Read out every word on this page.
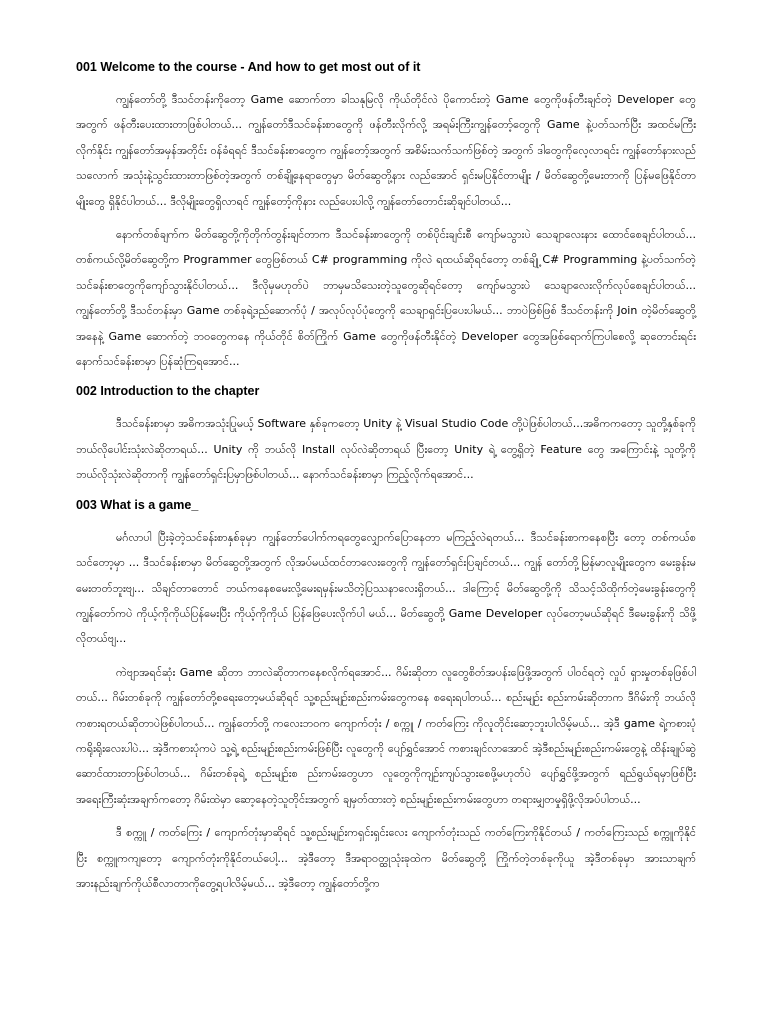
001 Welcome to the course - And how to get most out of it

ကျွန်တော်တို့ ဒီသင်တန်းကိုတော့ Game ဆောက်တာ ခါသနုမြလို ကိုယ်တိုင်လဲ ပိုကောင်းတဲ့ Game တွေကိုဖန်တီးချင်တဲ့ Developer တွေအတွက် ဖန်တီးပေးထားတာဖြစ်ပါတယ်... ကျွန်တော်ဒီသင်ခန်းစာတွေကို ဖန်တီးလိုက်လို့ အရမ်းကြီးကျွန်တော့်တွေကို Game နဲ့ပတ်သက်ပြီး အထင်မကြီးလိုက်နိုင်း ကျွန်တော်အမှန်အတိုင်း ဝန်ခံရရင် ဒီသင်ခန်းစာတွေက ကျွန်တော့်အတွက် အစိမ်းသက်သက်ဖြစ်တဲ့ အတွက် ဒါတွေကိုလေ့လာရင်း ကျွန်တော်နားလည်သလောက် အသုံးနဲ့သွင်းထားတာဖြစ်တဲ့အတွက် တစ်ချို့နေရာတွေမှာ မိတ်ဆွေတို့နား လည်အောင် ရှင်းမပြနိုင်တာမျိုး / မိတ်ဆွေတို့မေးတာကို ပြန်မဖြေနိုင်တာမျိုးတွေ ရှိနိုင်ပါတယ်... ဒီလိုမျိုးတွေရှိလာရင် ကျွန်တော့်ကိုနား လည်ပေးပါလို့ ကျွန်တော်တောင်းဆိုချင်ပါတယ်...

နောက်တစ်ချက်က မိတ်ဆွေတို့ကိုတိုက်တွန်းချင်တာက ဒီသင်ခန်းစာတွေကို တစ်ပိုင်းချင်းစီ ကျော်မသွားပဲ သေချာလေးနား ထောင်စေချင်ပါတယ်... တစ်ကယ်လို့မိတ်ဆွေတို့က Programmer တွေဖြစ်တယ် C# programming ကိုလဲ ရထယ်ဆိုရင်တော့ တစ်ချို့ C# Programming နဲ့ပတ်သက်တဲ့သင်ခန်းစာတွေကိုကျော်သွားနိုင်ပါတယ်... ဒီလိုမှမဟုတ်ပဲ ဘာမှမသိသေးတဲ့သူတွေဆိုရင်တော့ ကျော်မသွားပဲ သေချာလေးလိုက်လုပ်စေချင်ပါတယ်... ကျွန်တော်တို့ ဒီသင်တန်းမှာ Game တစ်ခုရဲ့ဒည်ဆောက်ပုံ / အလုပ်လုပ်ပုံတွေကို သေချာရှင်းပြပေးပါမယ်... ဘာပဲဖြစ်ဖြစ် ဒီသင်တန်းကို Join တဲ့မိတ်ဆွေတို့အနေနဲ့ Game ဆောက်တဲ့ ဘဝတွေကနေ ကိုယ်တိုင် စိတ်ကြိုက် Game တွေကိုဖန်တီးနိုင်တဲ့ Developer တွေအဖြစ်ရောက်ကြပါစေလို့ ဆုတောင်းရင်း နောက်သင်ခန်းစာမှာ ပြန်ဆုံကြရအောင်...

002 Introduction to the chapter

ဒီသင်ခန်းစာမှာ အဓိကအသုံးပြုမယ့် Software နှစ်ခုကတော့ Unity နဲ့ Visual Studio Code တို့ပဲဖြစ်ပါတယ်...အဓိကကတော့ သူတို့နှစ်ခုကို ဘယ်လိုပေါင်းသုံးလဲဆိုတာရယ်... Unity ကို ဘယ်လို Install လုပ်လဲဆိုတာရယ် ပြီးတော့ Unity ရဲ့ တွေ့ရှိတဲ့ Feature တွေ အကြောင်းနဲ့ သူတို့ကိုဘယ်လိုသုံးလဲဆိုတာကို ကျွန်တော်ရှင်းပြမှာဖြစ်ပါတယ်... နောက်သင်ခန်းစာမှာ ကြည့်လိုက်ရအောင်...

003 What is a game_

မင်္ဂလာပါ ပြီးခဲ့တဲ့သင်ခန်းစာနှစ်ခုမှာ ကျွန်တော်ပေါက်ကရတွေလျှောက်ပြောနေတာ မကြည့်လဲရတယ်... ဒီသင်ခန်းစာကနေစပြီး တော့ တစ်ကယ်စသင်တော့မှာ ... ဒီသင်ခန်းစာမှာ မိတ်ဆွေတို့အတွက် လိုအပ်မယ်ထင်တာလေးတွေကို ကျွန်တော်ရှင်းပြချင်တယ်... ကျွန် တော်တို့မြန်မာလူမျိုးတွေက မေးခွန်းမမေးတတ်ဘူးဗျ... သိချင်တာတောင် ဘယ်ကနေစမေးလို့မေးရမှန်းမသိတဲ့ပြဿနာလေးရှိတယ်... ဒါကြောင့် မိတ်ဆွေတို့ကို သိသင့်သိထိုက်တဲ့မေးခွန်းတွေကို ကျွန်တော်ကပဲ ကိုယ့်ကိုကိုယ်ပြန်မေးပြီး ကိုယ့်ကိုကိုယ် ပြန်ဖြေပေးလိုက်ပါ မယ်... မိတ်ဆွေတို့ Game Developer လုပ်တော့မယ်ဆိုရင် ဒီမေးခွန်းကို သိဖို့လိုတယ်ဗျ...

ကဲဗျာအရင်ဆုံး Game ဆိုတာ ဘာလဲဆိုတာကနေစလိုက်ရအောင်... ဂိမ်းဆိုတာ လူတွေစိတ်အပန်းဖြေဖို့အတွက် ပါဝင်ရတဲ့ လှုပ် ရှားမှုတစ်ခုဖြစ်ပါတယ်... ဂိမ်းတစ်ခုကို ကျွန်တော်တို့စရေးတော့မယ်ဆိုရင် သူ့စည်းမျဉ်းစည်းကမ်းတွေကနေ စရေးရပါတယ်... စည်းမျဉ်း စည်းကမ်းဆိုတာက ဒီဂိမ်းကို ဘယ်လိုကစားရတယ်ဆိုတာပဲဖြစ်ပါတယ်... ကျွန်တော်တို့ ကလေးဘဝက ကျောက်တုံး / စက္ကူ / ကတ်ကြေး ကိုလူတိုင်းဆော့ဘူးပါလိမ့်မယ်... အဲ့ဒီ game ရဲ့ကစားပုံကရိုးရိုးလေးပါပဲ... အဲ့ဒီကစားပုံကပဲ သူ့ရဲ့ စည်းမျဉ်းစည်းကမ်းဖြစ်ပြီး လူတွေကို ပျော်ရွှင်အောင် ကစားချင်လာအောင် အဲ့ဒီစည်းမျဉ်းစည်းကမ်းတွေနဲ့ ထိန်းချုပ်ဆွဲဆောင်ထားတာဖြစ်ပါတယ်... ဂိမ်းတစ်ခုရဲ့ စည်းမျဉ်းစ ည်းကမ်းတွေဟာ လူတွေကိုကျဉ်းကျပ်သွားစေဖို့မဟုတ်ပဲ ပျော်ရွှင်ဖို့အတွက် ရည်ရွယ်ရမှာဖြစ်ပြီး အရေးကြီးဆုံးအချက်ကတော့ ဂိမ်းထဲမှာ ဆော့နေတဲ့သူတိုင်းအတွက် ချမှတ်ထားတဲ့ စည်းမျဉ်းစည်းကမ်းတွေဟာ တရားမျှတမှုရှိဖို့လိုအပ်ပါတယ်...

ဒီ စက္ကူ / ကတ်ကြေး / ကျောက်တုံးမှာဆိုရင် သူ့စည်းမျဉ်းကရှင်းရှင်းလေး ကျောက်တုံးသည် ကတ်ကြေးကိုနိုင်တယ် / ကတ်ကြေးသည် စက္ကူကိုနိုင်ပြီး စက္ကူကကျတော့ ကျောက်တုံးကိုနိုင်တယ်ပေါ့... အဲ့ဒီတော့ ဒီအရာဝတ္ထုသုံးခုထဲက မိတ်ဆွေတို့ ကြိုက်တဲ့တစ်ခုကိုယူ အဲ့ဒီတစ်ခုမှာ အားသာချက် အားနည်းချက်ကိုယ်စီလာတာကိုတွေ့ရပါလိမ့်မယ်... အဲ့ဒီတော့ ကျွန်တော်တို့က
